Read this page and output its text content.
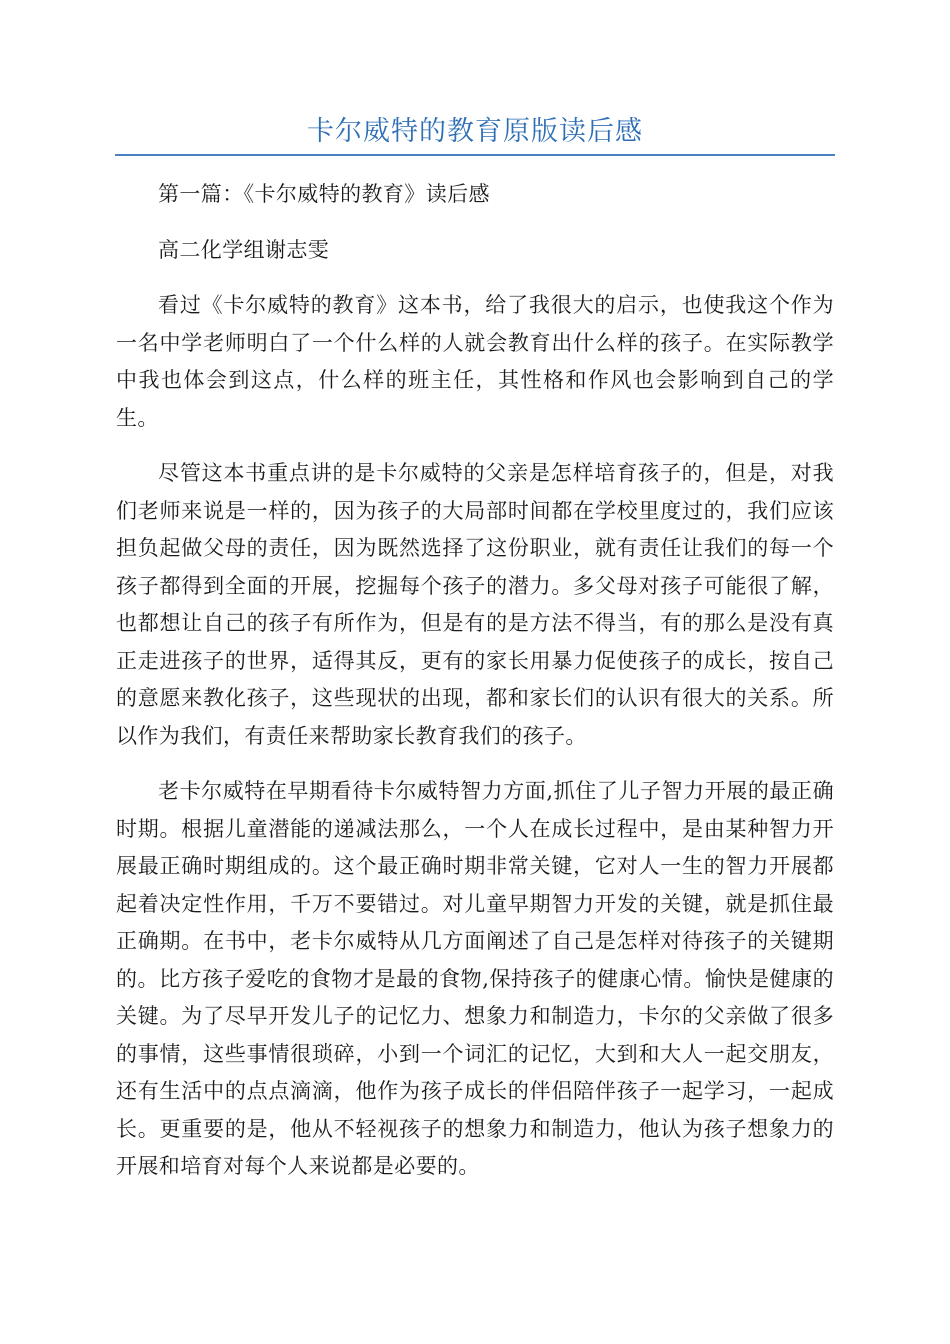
卡尔威特的教育原版读后感

第一篇：《卡尔威特的教育》读后感

高二化学组谢志雯

看过《卡尔威特的教育》这本书，给了我很大的启示，也使我这个作为一名中学老师明白了一个什么样的人就会教育出什么样的孩子。在实际教学中我也体会到这点，什么样的班主任，其性格和作风也会影响到自己的学生。

尽管这本书重点讲的是卡尔威特的父亲是怎样培育孩子的，但是，对我们老师来说是一样的，因为孩子的大局部时间都在学校里度过的，我们应该担负起做父母的责任，因为既然选择了这份职业，就有责任让我们的每一个孩子都得到全面的开展，挖掘每个孩子的潜力。多父母对孩子可能很了解，也都想让自己的孩子有所作为，但是有的是方法不得当，有的那么是没有真正走进孩子的世界，适得其反，更有的家长用暴力促使孩子的成长，按自己的意愿来教化孩子，这些现状的出现，都和家长们的认识有很大的关系。所以作为我们，有责任来帮助家长教育我们的孩子。

老卡尔威特在早期看待卡尔威特智力方面,抓住了儿子智力开展的最正确时期。根据儿童潜能的递减法那么，一个人在成长过程中，是由某种智力开展最正确时期组成的。这个最正确时期非常关键，它对人一生的智力开展都起着决定性作用，千万不要错过。对儿童早期智力开发的关键，就是抓住最正确期。在书中，老卡尔威特从几方面阐述了自己是怎样对待孩子的关键期的。比方孩子爱吃的食物才是最的食物,保持孩子的健康心情。愉快是健康的关键。为了尽早开发儿子的记忆力、想象力和制造力，卡尔的父亲做了很多的事情，这些事情很琐碎，小到一个词汇的记忆，大到和大人一起交朋友，还有生活中的点点滴滴，他作为孩子成长的伴侣陪伴孩子一起学习，一起成长。更重要的是，他从不轻视孩子的想象力和制造力，他认为孩子想象力的开展和培育对每个人来说都是必要的。
